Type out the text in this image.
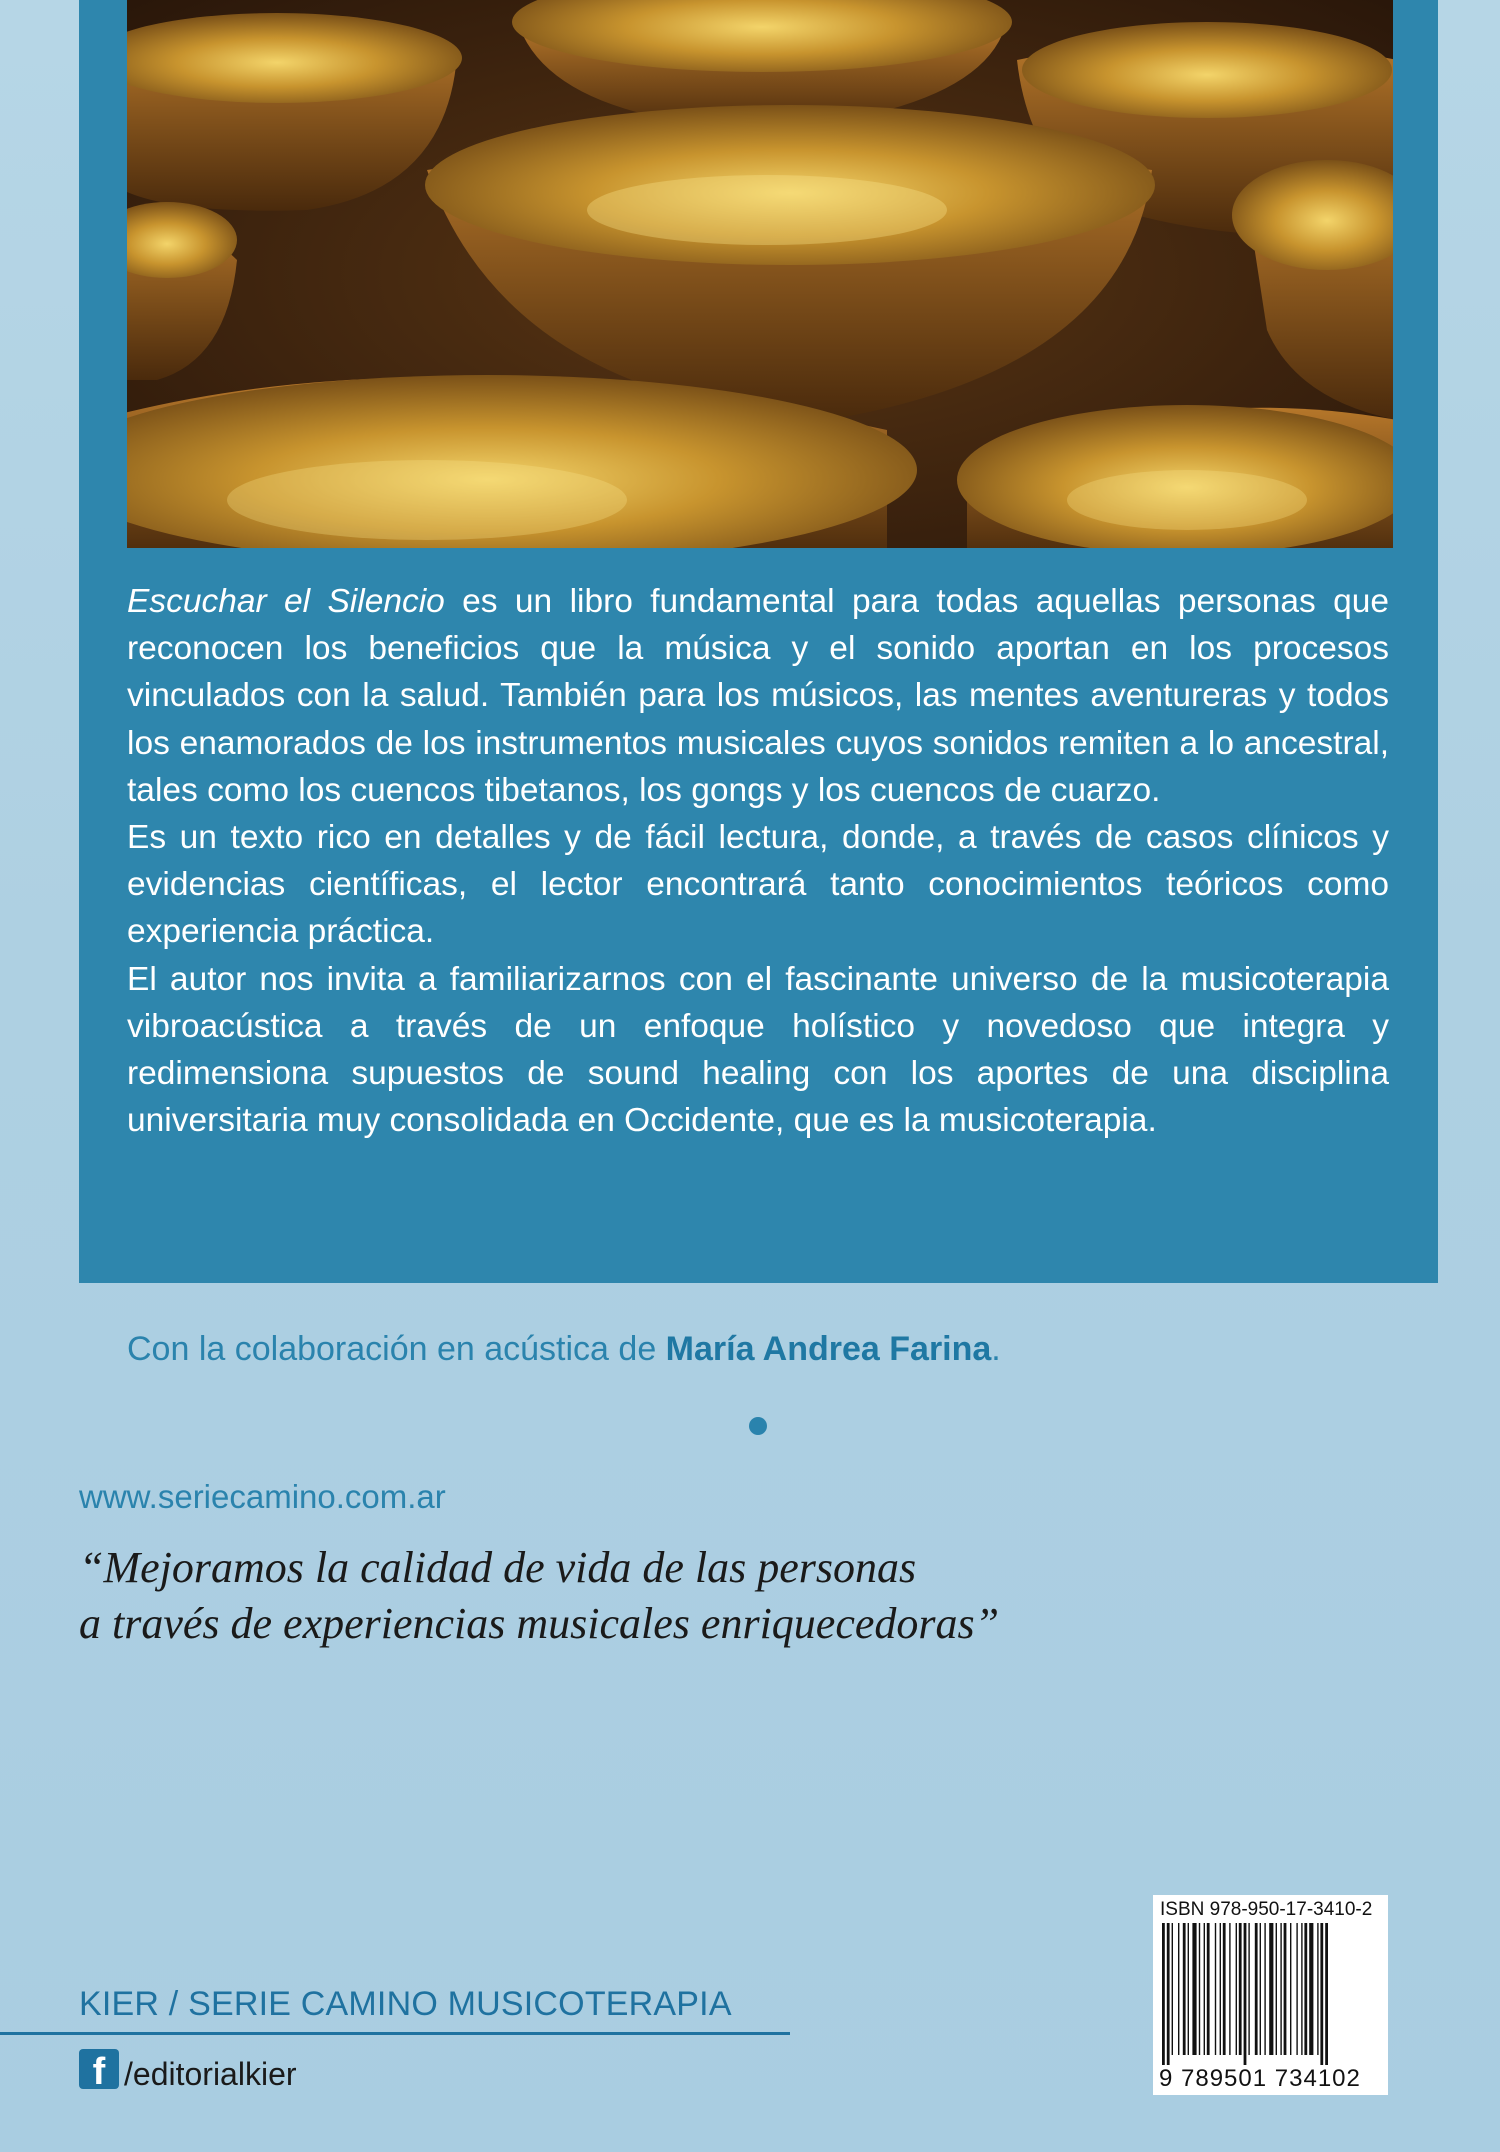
Escuchar el Silencio es un libro fundamental para todas aquellas personas que reconocen los beneficios que la música y el sonido aportan en los procesos vinculados con la salud. También para los músicos, las mentes aventureras y todos los enamorados de los instrumentos musicales cuyos sonidos remiten a lo ancestral, tales como los cuencos tibetanos, los gongs y los cuencos de cuarzo.

Es un texto rico en detalles y de fácil lectura, donde, a través de casos clínicos y evidencias científicas, el lector encontrará tanto conocimientos teóricos como experiencia práctica.

El autor nos invita a familiarizarnos con el fascinante universo de la musicoterapia vibroacústica a través de un enfoque holístico y novedoso que integra y redimensiona supuestos de sound healing con los aportes de una disciplina universitaria muy consolidada en Occidente, que es la musicoterapia.

Con la colaboración en acústica de María Andrea Farina.
www.seriecamino.com.ar
“Mejoramos la calidad de vida de las personas
a través de experiencias musicales enriquecedoras”
KIER / SERIE CAMINO MUSICOTERAPIA
f /editorialkier
ISBN 978-950-17-3410-2
9 789501 734102
